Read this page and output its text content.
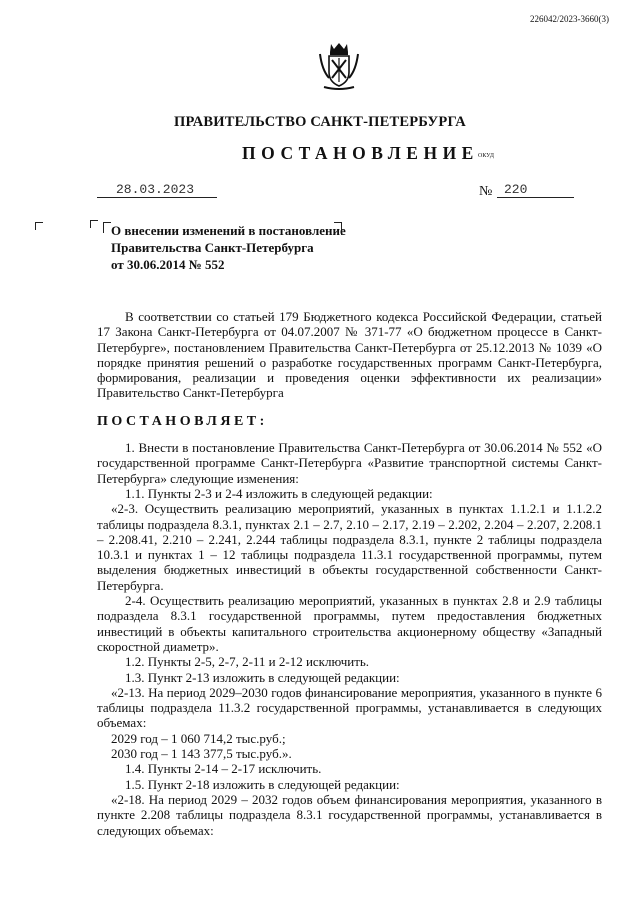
226042/2023-3660(3)
ПРАВИТЕЛЬСТВО САНКТ-ПЕТЕРБУРГА
ПОСТАНОВЛЕНИЕ ОКУД
28.03.2023	№ 220
О внесении изменений в постановление
Правительства Санкт-Петербурга
от 30.06.2014 № 552

В соответствии со статьей 179 Бюджетного кодекса Российской Федерации, статьей 17 Закона Санкт-Петербурга от 04.07.2007 № 371-77 «О бюджетном процессе в Санкт-Петербурге», постановлением Правительства Санкт-Петербурга от 25.12.2013 № 1039 «О порядке принятия решений о разработке государственных программ Санкт-Петербурга, формирования, реализации и проведения оценки эффективности их реализации» Правительство Санкт-Петербурга

ПОСТАНОВЛЯЕТ:

1. Внести в постановление Правительства Санкт-Петербурга от 30.06.2014 № 552 «О государственной программе Санкт-Петербурга «Развитие транспортной системы Санкт-Петербурга» следующие изменения:

1.1. Пункты 2-3 и 2-4 изложить в следующей редакции:

«2-3. Осуществить реализацию мероприятий, указанных в пунктах 1.1.2.1 и 1.1.2.2 таблицы подраздела 8.3.1, пунктах 2.1 – 2.7, 2.10 – 2.17, 2.19 – 2.202, 2.204 – 2.207, 2.208.1 – 2.208.41, 2.210 – 2.241, 2.244 таблицы подраздела 8.3.1, пункте 2 таблицы подраздела 10.3.1 и пунктах 1 – 12 таблицы подраздела 11.3.1 государственной программы, путем выделения бюджетных инвестиций в объекты государственной собственности Санкт-Петербурга.

2-4. Осуществить реализацию мероприятий, указанных в пунктах 2.8 и 2.9 таблицы подраздела 8.3.1 государственной программы, путем предоставления бюджетных инвестиций в объекты капитального строительства акционерному обществу «Западный скоростной диаметр».

1.2. Пункты 2-5, 2-7, 2-11 и 2-12 исключить.

1.3. Пункт 2-13 изложить в следующей редакции:

«2-13. На период 2029–2030 годов финансирование мероприятия, указанного в пункте 6 таблицы подраздела 11.3.2 государственной программы, устанавливается в следующих объемах:

2029 год – 1 060 714,2 тыс.руб.;

2030 год – 1 143 377,5 тыс.руб.».

1.4. Пункты 2-14 – 2-17 исключить.

1.5. Пункт 2-18 изложить в следующей редакции:

«2-18. На период 2029 – 2032 годов объем финансирования мероприятия, указанного в пункте 2.208 таблицы подраздела 8.3.1 государственной программы, устанавливается в следующих объемах:
